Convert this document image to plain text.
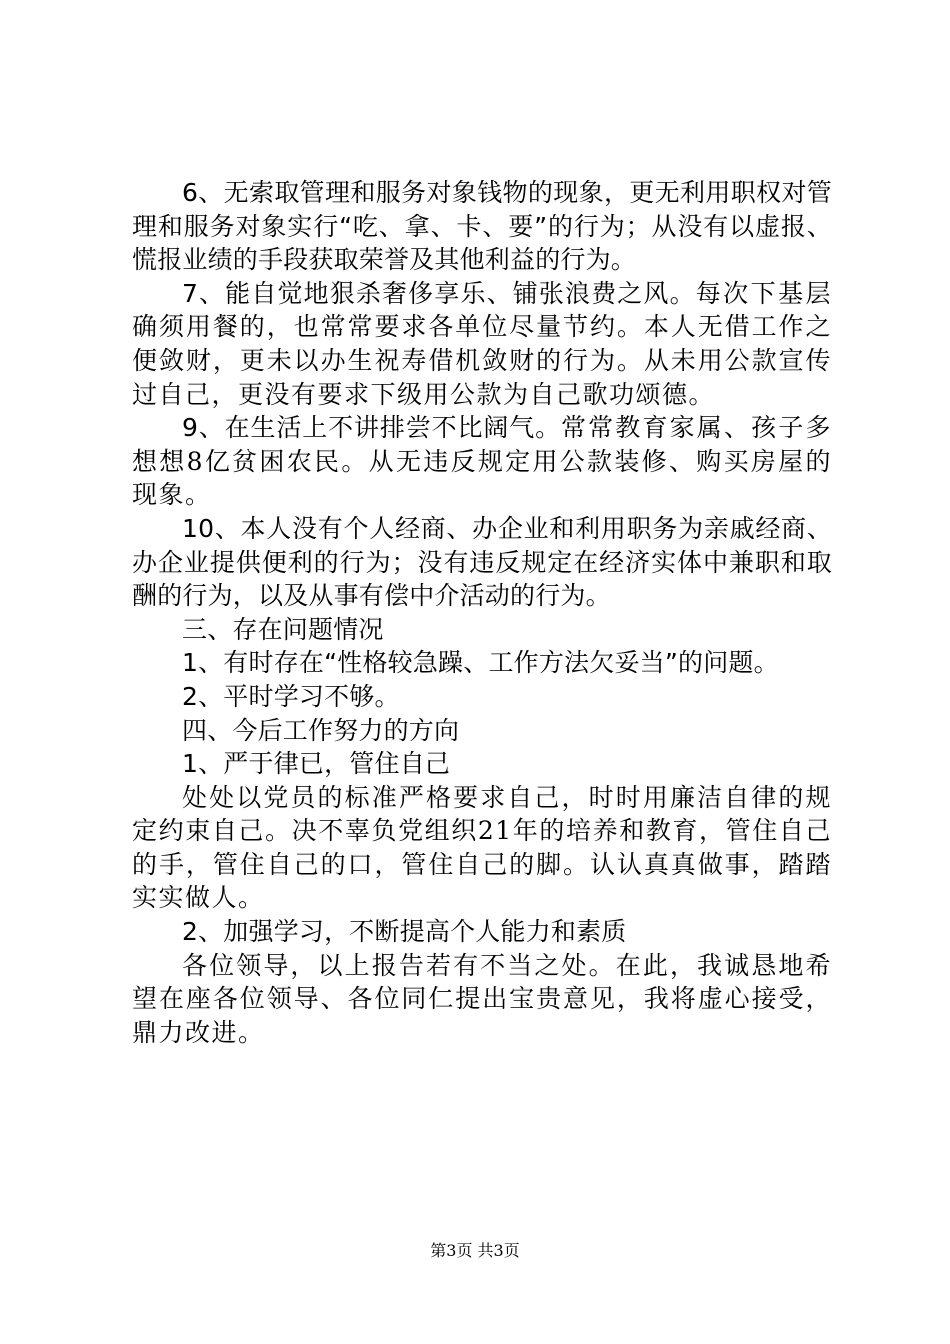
6、无索取管理和服务对象钱物的现象，更无利用职权对管理和服务对象实行“吃、拿、卡、要”的行为；从没有以虚报、慌报业绩的手段获取荣誉及其他利益的行为。

7、能自觉地狠杀奢侈享乐、铺张浪费之风。每次下基层确须用餐的，也常常要求各单位尽量节约。本人无借工作之便敛财，更未以办生祝寿借机敛财的行为。从未用公款宣传过自己，更没有要求下级用公款为自己歌功颂德。

9、在生活上不讲排尝不比阔气。常常教育家属、孩子多想想8亿贫困农民。从无违反规定用公款装修、购买房屋的现象。

10、本人没有个人经商、办企业和利用职务为亲戚经商、办企业提供便利的行为；没有违反规定在经济实体中兼职和取酬的行为，以及从事有偿中介活动的行为。

三、存在问题情况

1、有时存在“性格较急躁、工作方法欠妥当”的问题。

2、平时学习不够。

四、今后工作努力的方向

1、严于律已，管住自己

处处以党员的标准严格要求自己，时时用廉洁自律的规定约束自己。决不辜负党组织21年的培养和教育，管住自己的手，管住自己的口，管住自己的脚。认认真真做事，踏踏实实做人。

2、加强学习，不断提高个人能力和素质

各位领导，以上报告若有不当之处。在此，我诚恳地希望在座各位领导、各位同仁提出宝贵意见，我将虚心接受，鼎力改进。

第3页 共3页
